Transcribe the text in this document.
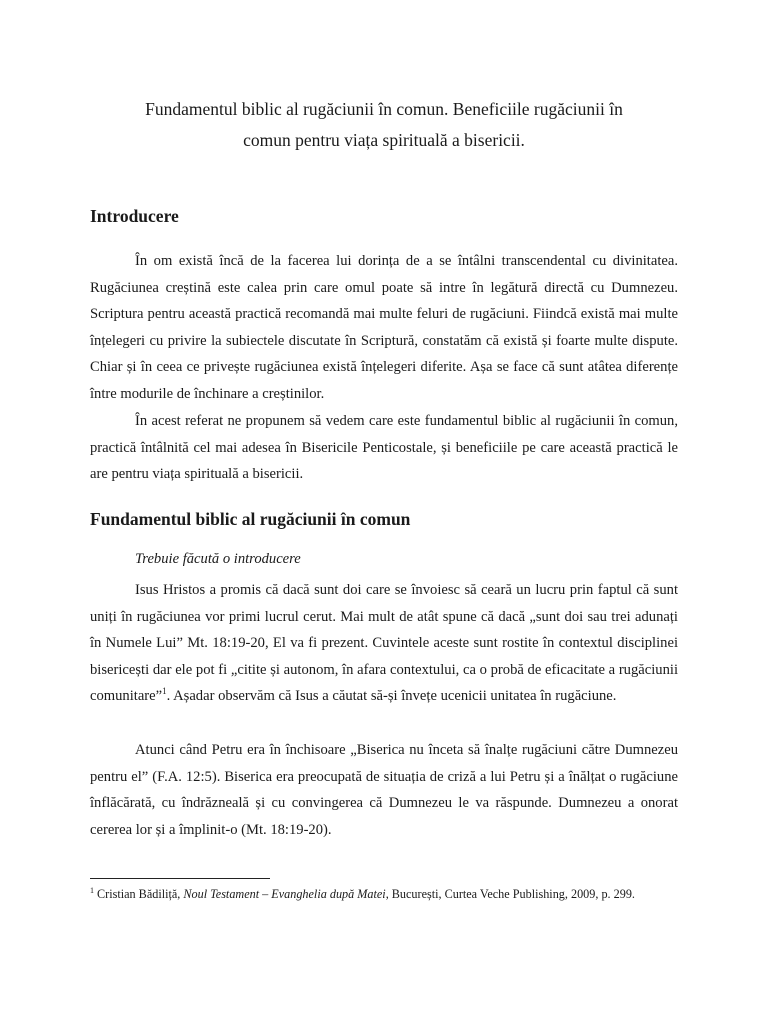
Fundamentul biblic al rugăciunii în comun. Beneficiile rugăciunii în
comun pentru viața spirituală a bisericii.
Introducere

În om există încă de la facerea lui dorința de a se întâlni transcendental cu divinitatea. Rugăciunea creștină este calea prin care omul poate să intre în legătură directă cu Dumnezeu. Scriptura pentru această practică recomandă mai multe feluri de rugăciuni. Fiindcă există mai multe înțelegeri cu privire la subiectele discutate în Scriptură, constatăm că există și foarte multe dispute. Chiar și în ceea ce privește rugăciunea există înțelegeri diferite. Așa se face că sunt atâtea diferențe între modurile de închinare a creștinilor.

În acest referat ne propunem să vedem care este fundamentul biblic al rugăciunii în comun, practică întâlnită cel mai adesea în Bisericile Penticostale, și beneficiile pe care această practică le are pentru viața spirituală a bisericii.

Fundamentul biblic al rugăciunii în comun

Trebuie făcută o introducere

Isus Hristos a promis că dacă sunt doi care se învoiesc să ceară un lucru prin faptul că sunt uniți în rugăciunea vor primi lucrul cerut. Mai mult de atât spune că dacă „sunt doi sau trei adunați în Numele Lui” Mt. 18:19-20, El va fi prezent. Cuvintele aceste sunt rostite în contextul disciplinei bisericești dar ele pot fi „citite și autonom, în afara contextului, ca o probă de eficacitate a rugăciunii comunitare”$^1$. Așadar observăm că Isus a căutat să-și învețe ucenicii unitatea în rugăciune.

Atunci când Petru era în închisoare „Biserica nu înceta să înalțe rugăciuni către Dumnezeu pentru el” (F.A. 12:5). Biserica era preocupată de situația de criză a lui Petru și a înălțat o rugăciune înflăcărată, cu îndrăzneală și cu convingerea că Dumnezeu le va răspunde. Dumnezeu a onorat cererea lor și a împlinit-o (Mt. 18:19-20).

$^1$ Cristian Bădiliță, Noul Testament – Evanghelia după Matei, București, Curtea Veche Publishing, 2009, p. 299.
